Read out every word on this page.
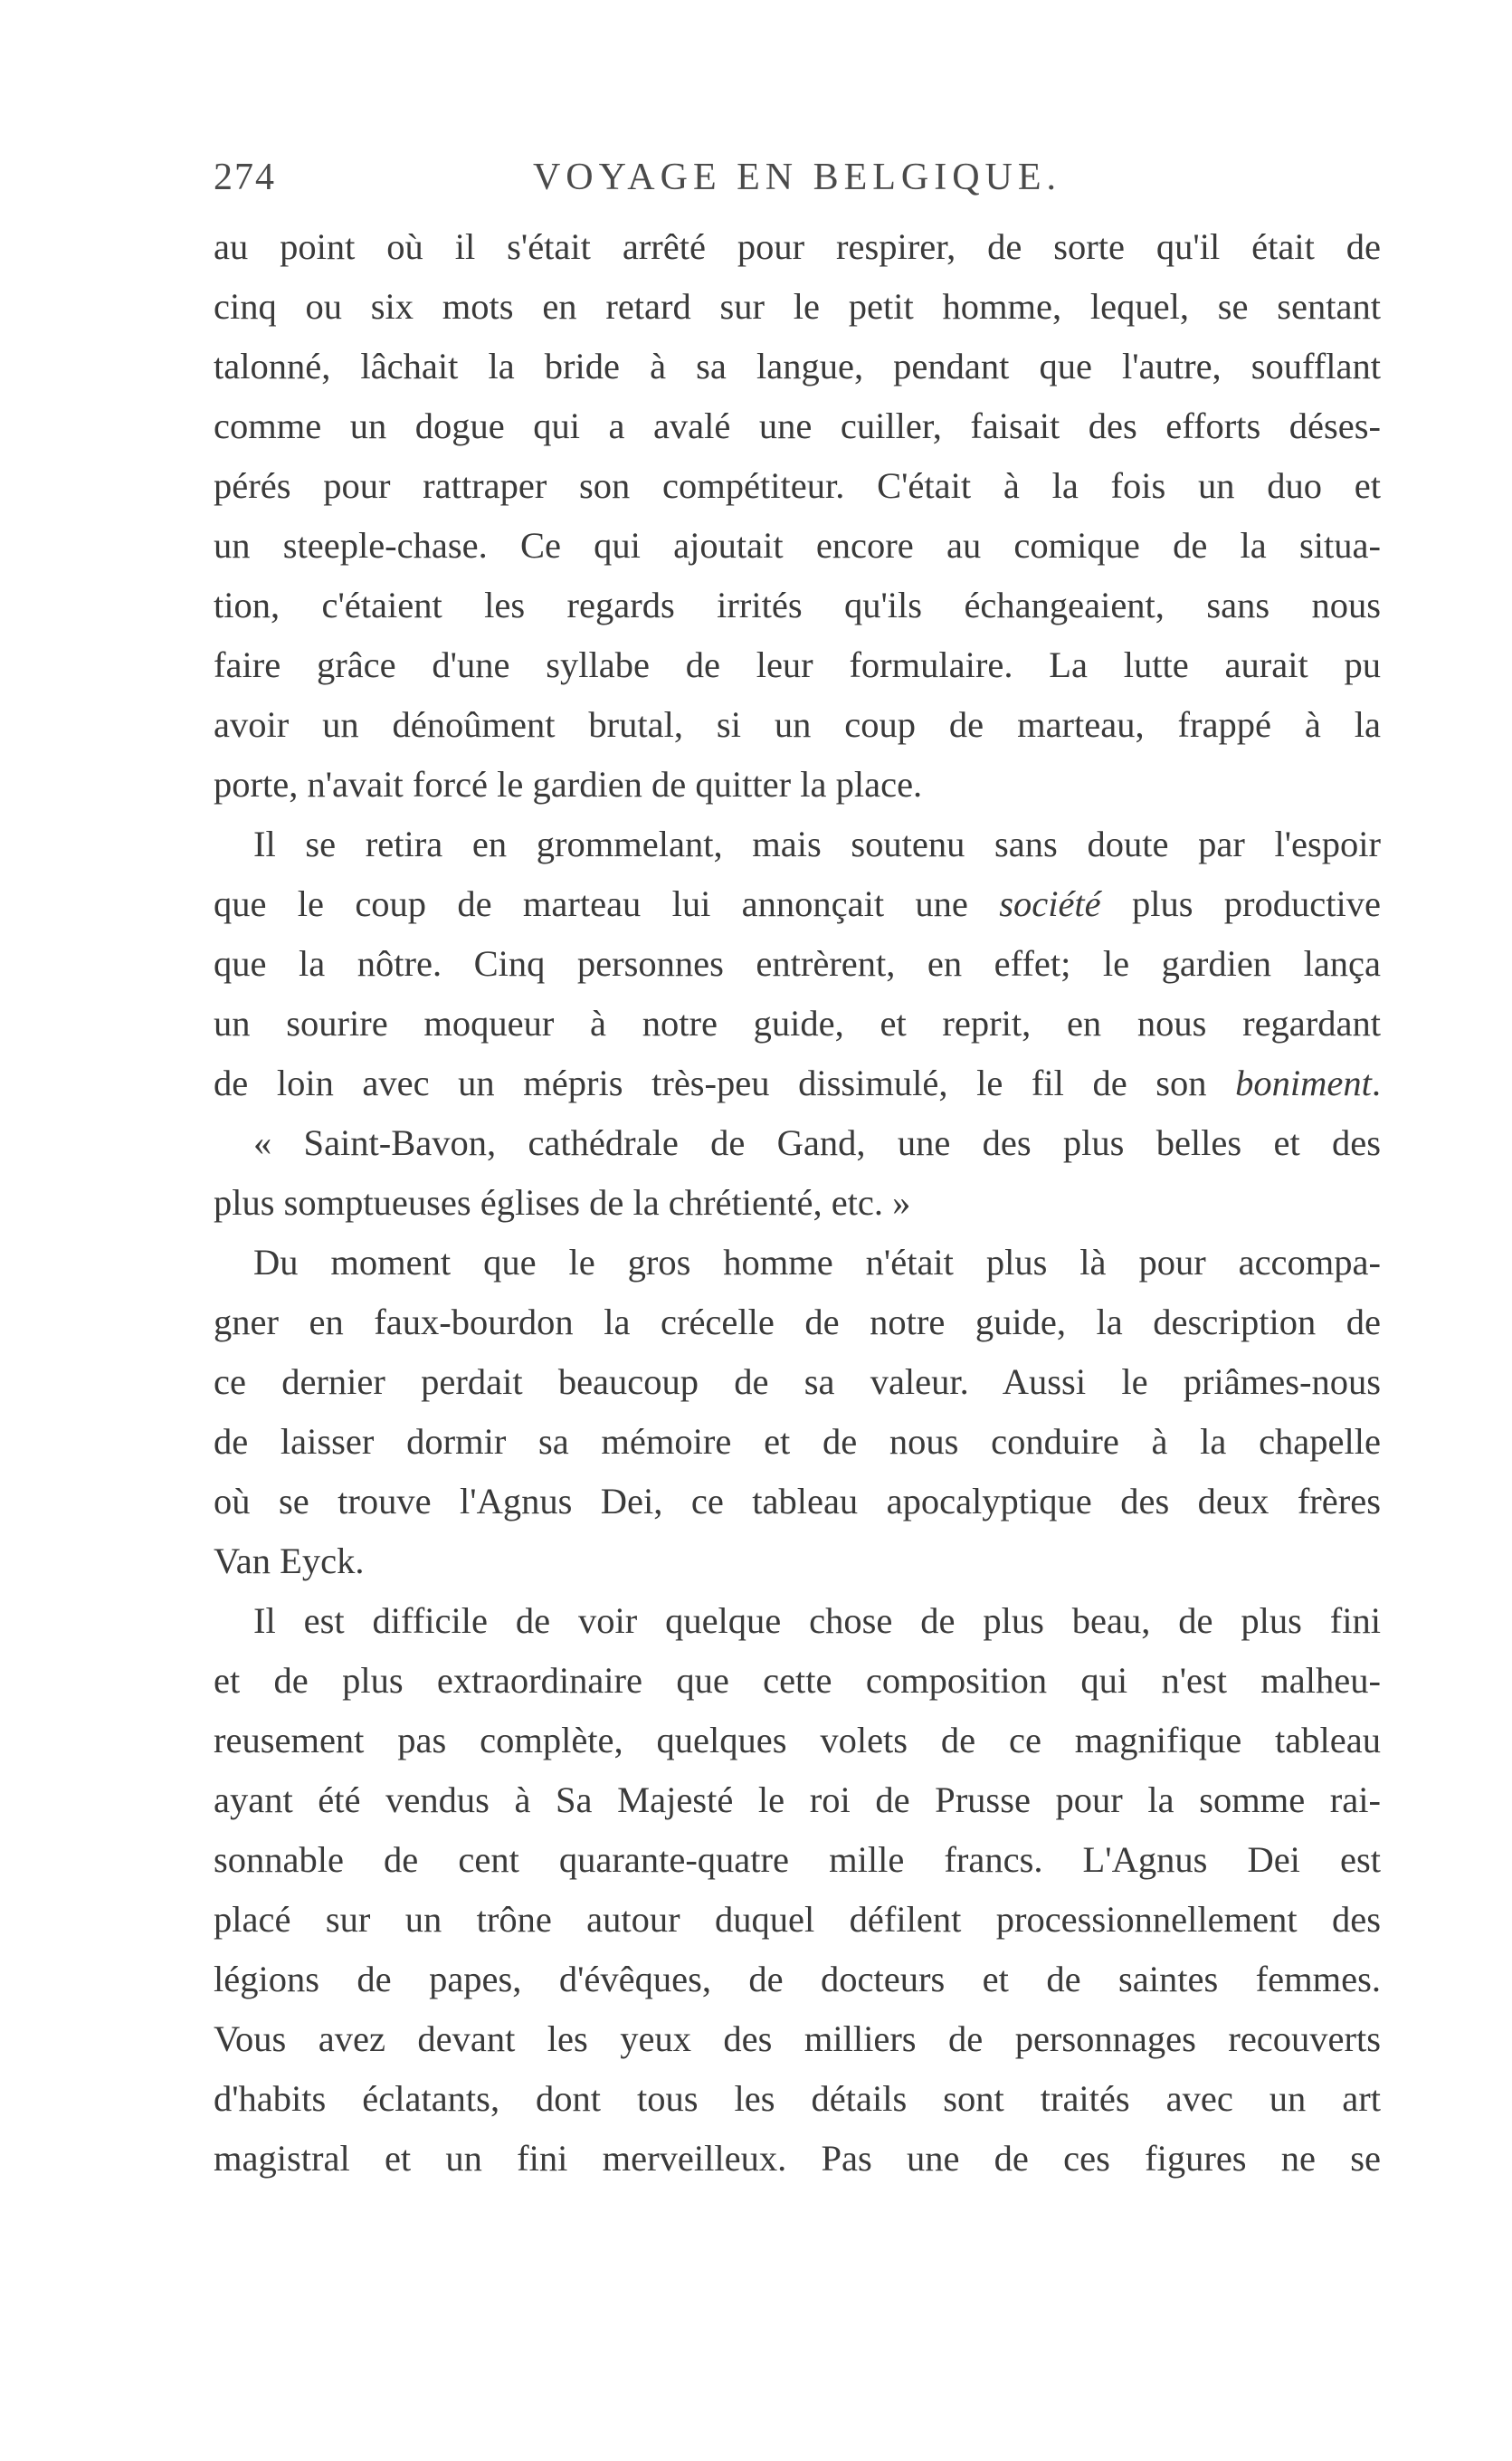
274	VOYAGE EN BELGIQUE.
au point où il s'était arrêté pour respirer, de sorte qu'il était de
cinq ou six mots en retard sur le petit homme, lequel, se sentant
talonné, lâchait la bride à sa langue, pendant que l'autre, soufflant
comme un dogue qui a avalé une cuiller, faisait des efforts déses-
pérés pour rattraper son compétiteur. C'était à la fois un duo et
un steeple-chase. Ce qui ajoutait encore au comique de la situa-
tion, c'étaient les regards irrités qu'ils échangeaient, sans nous
faire grâce d'une syllabe de leur formulaire. La lutte aurait pu
avoir un dénoûment brutal, si un coup de marteau, frappé à la
porte, n'avait forcé le gardien de quitter la place.
Il se retira en grommelant, mais soutenu sans doute par l'espoir
que le coup de marteau lui annonçait une société plus productive
que la nôtre. Cinq personnes entrèrent, en effet; le gardien lança
un sourire moqueur à notre guide, et reprit, en nous regardant
de loin avec un mépris très-peu dissimulé, le fil de son boniment.
« Saint-Bavon, cathédrale de Gand, une des plus belles et des
plus somptueuses églises de la chrétienté, etc. »
Du moment que le gros homme n'était plus là pour accompa-
gner en faux-bourdon la crécelle de notre guide, la description de
ce dernier perdait beaucoup de sa valeur. Aussi le priâmes-nous
de laisser dormir sa mémoire et de nous conduire à la chapelle
où se trouve l'Agnus Dei, ce tableau apocalyptique des deux frères
Van Eyck.
Il est difficile de voir quelque chose de plus beau, de plus fini
et de plus extraordinaire que cette composition qui n'est malheu-
reusement pas complète, quelques volets de ce magnifique tableau
ayant été vendus à Sa Majesté le roi de Prusse pour la somme rai-
sonnable de cent quarante-quatre mille francs. L'Agnus Dei est
placé sur un trône autour duquel défilent processionnellement des
légions de papes, d'évêques, de docteurs et de saintes femmes.
Vous avez devant les yeux des milliers de personnages recouverts
d'habits éclatants, dont tous les détails sont traités avec un art
magistral et un fini merveilleux. Pas une de ces figures ne se
